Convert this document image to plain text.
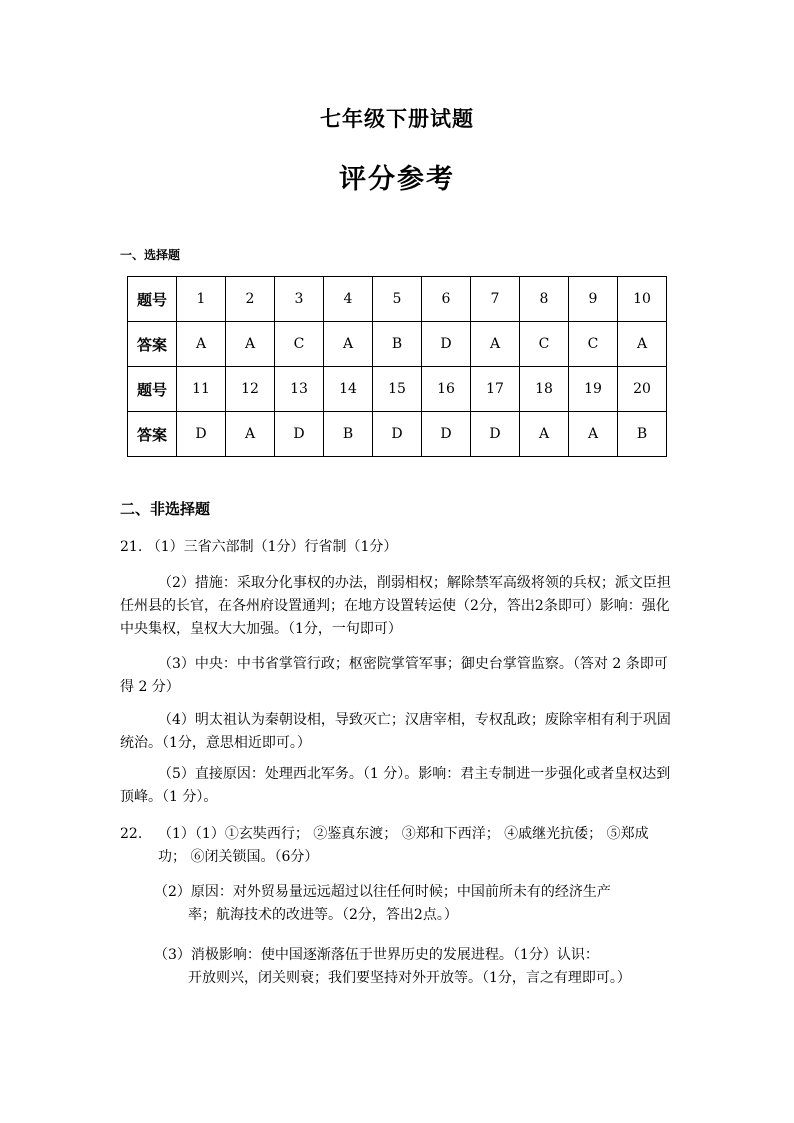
七年级下册试题
评分参考
一、选择题
题号	1	2	3	4	5	6	7	8	9	10
答案	A	A	C	A	B	D	A	C	C	A
题号	11	12	13	14	15	16	17	18	19	20
答案	D	A	D	B	D	D	D	A	A	B
二、非选择题
21. （1）三省六部制（1分）行省制（1分）
（2）措施：采取分化事权的办法，削弱相权；解除禁军高级将领的兵权；派文臣担任州县的长官，在各州府设置通判；在地方设置转运使（2分，答出2条即可）影响：强化中央集权，皇权大大加强。（1分，一句即可）
（3）中央：中书省掌管行政；枢密院掌管军事；御史台掌管监察。（答对 2 条即可得 2 分）
（4）明太祖认为秦朝设相，导致灭亡；汉唐宰相，专权乱政；废除宰相有利于巩固统治。（1分，意思相近即可。）
（5）直接原因：处理西北军务。（1 分）。影响：君主专制进一步强化或者皇权达到顶峰。（1 分）。
22. （1）（1）①玄奘西行； ②鉴真东渡； ③郑和下西洋； ④戚继光抗倭； ⑤郑成功； ⑥闭关锁国。（6分）
（2）原因：对外贸易量远远超过以往任何时候；中国前所未有的经济生产
率；航海技术的改进等。（2分，答出2点。）
（3）消极影响：使中国逐渐落伍于世界历史的发展进程。（1分）认识：
开放则兴，闭关则衰；我们要坚持对外开放等。（1分，言之有理即可。）
